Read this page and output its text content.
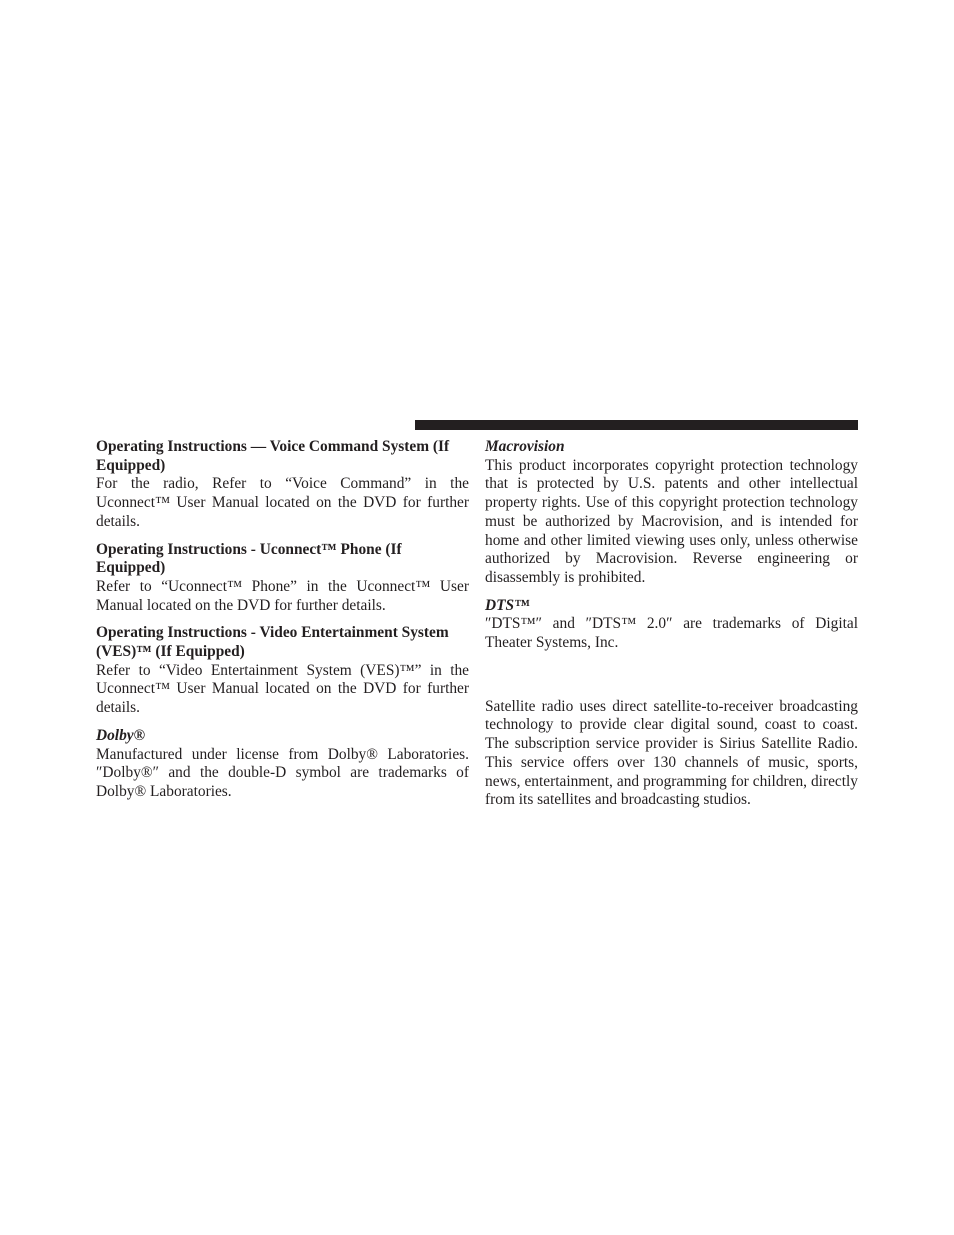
Operating Instructions — Voice Command System (If Equipped)
For the radio, Refer to “Voice Command” in the Uconnect™ User Manual located on the DVD for further details.
Operating Instructions - Uconnect™ Phone (If Equipped)
Refer to “Uconnect™ Phone” in the Uconnect™ User Manual located on the DVD for further details.
Operating Instructions - Video Entertainment System (VES)™ (If Equipped)
Refer to “Video Entertainment System (VES)™” in the Uconnect™ User Manual located on the DVD for further details.
Dolby®
Manufactured under license from Dolby® Laboratories. ″Dolby®″ and the double-D symbol are trademarks of Dolby® Laboratories.
Macrovision
This product incorporates copyright protection technology that is protected by U.S. patents and other intellectual property rights. Use of this copyright protection technology must be authorized by Macrovision, and is intended for home and other limited viewing uses only, unless otherwise authorized by Macrovision. Reverse engineering or disassembly is prohibited.
DTS™
″DTS™″ and ″DTS™ 2.0″ are trademarks of Digital Theater Systems, Inc.
Satellite radio uses direct satellite-to-receiver broadcasting technology to provide clear digital sound, coast to coast. The subscription service provider is Sirius Satellite Radio. This service offers over 130 channels of music, sports, news, entertainment, and programming for children, directly from its satellites and broadcasting studios.
